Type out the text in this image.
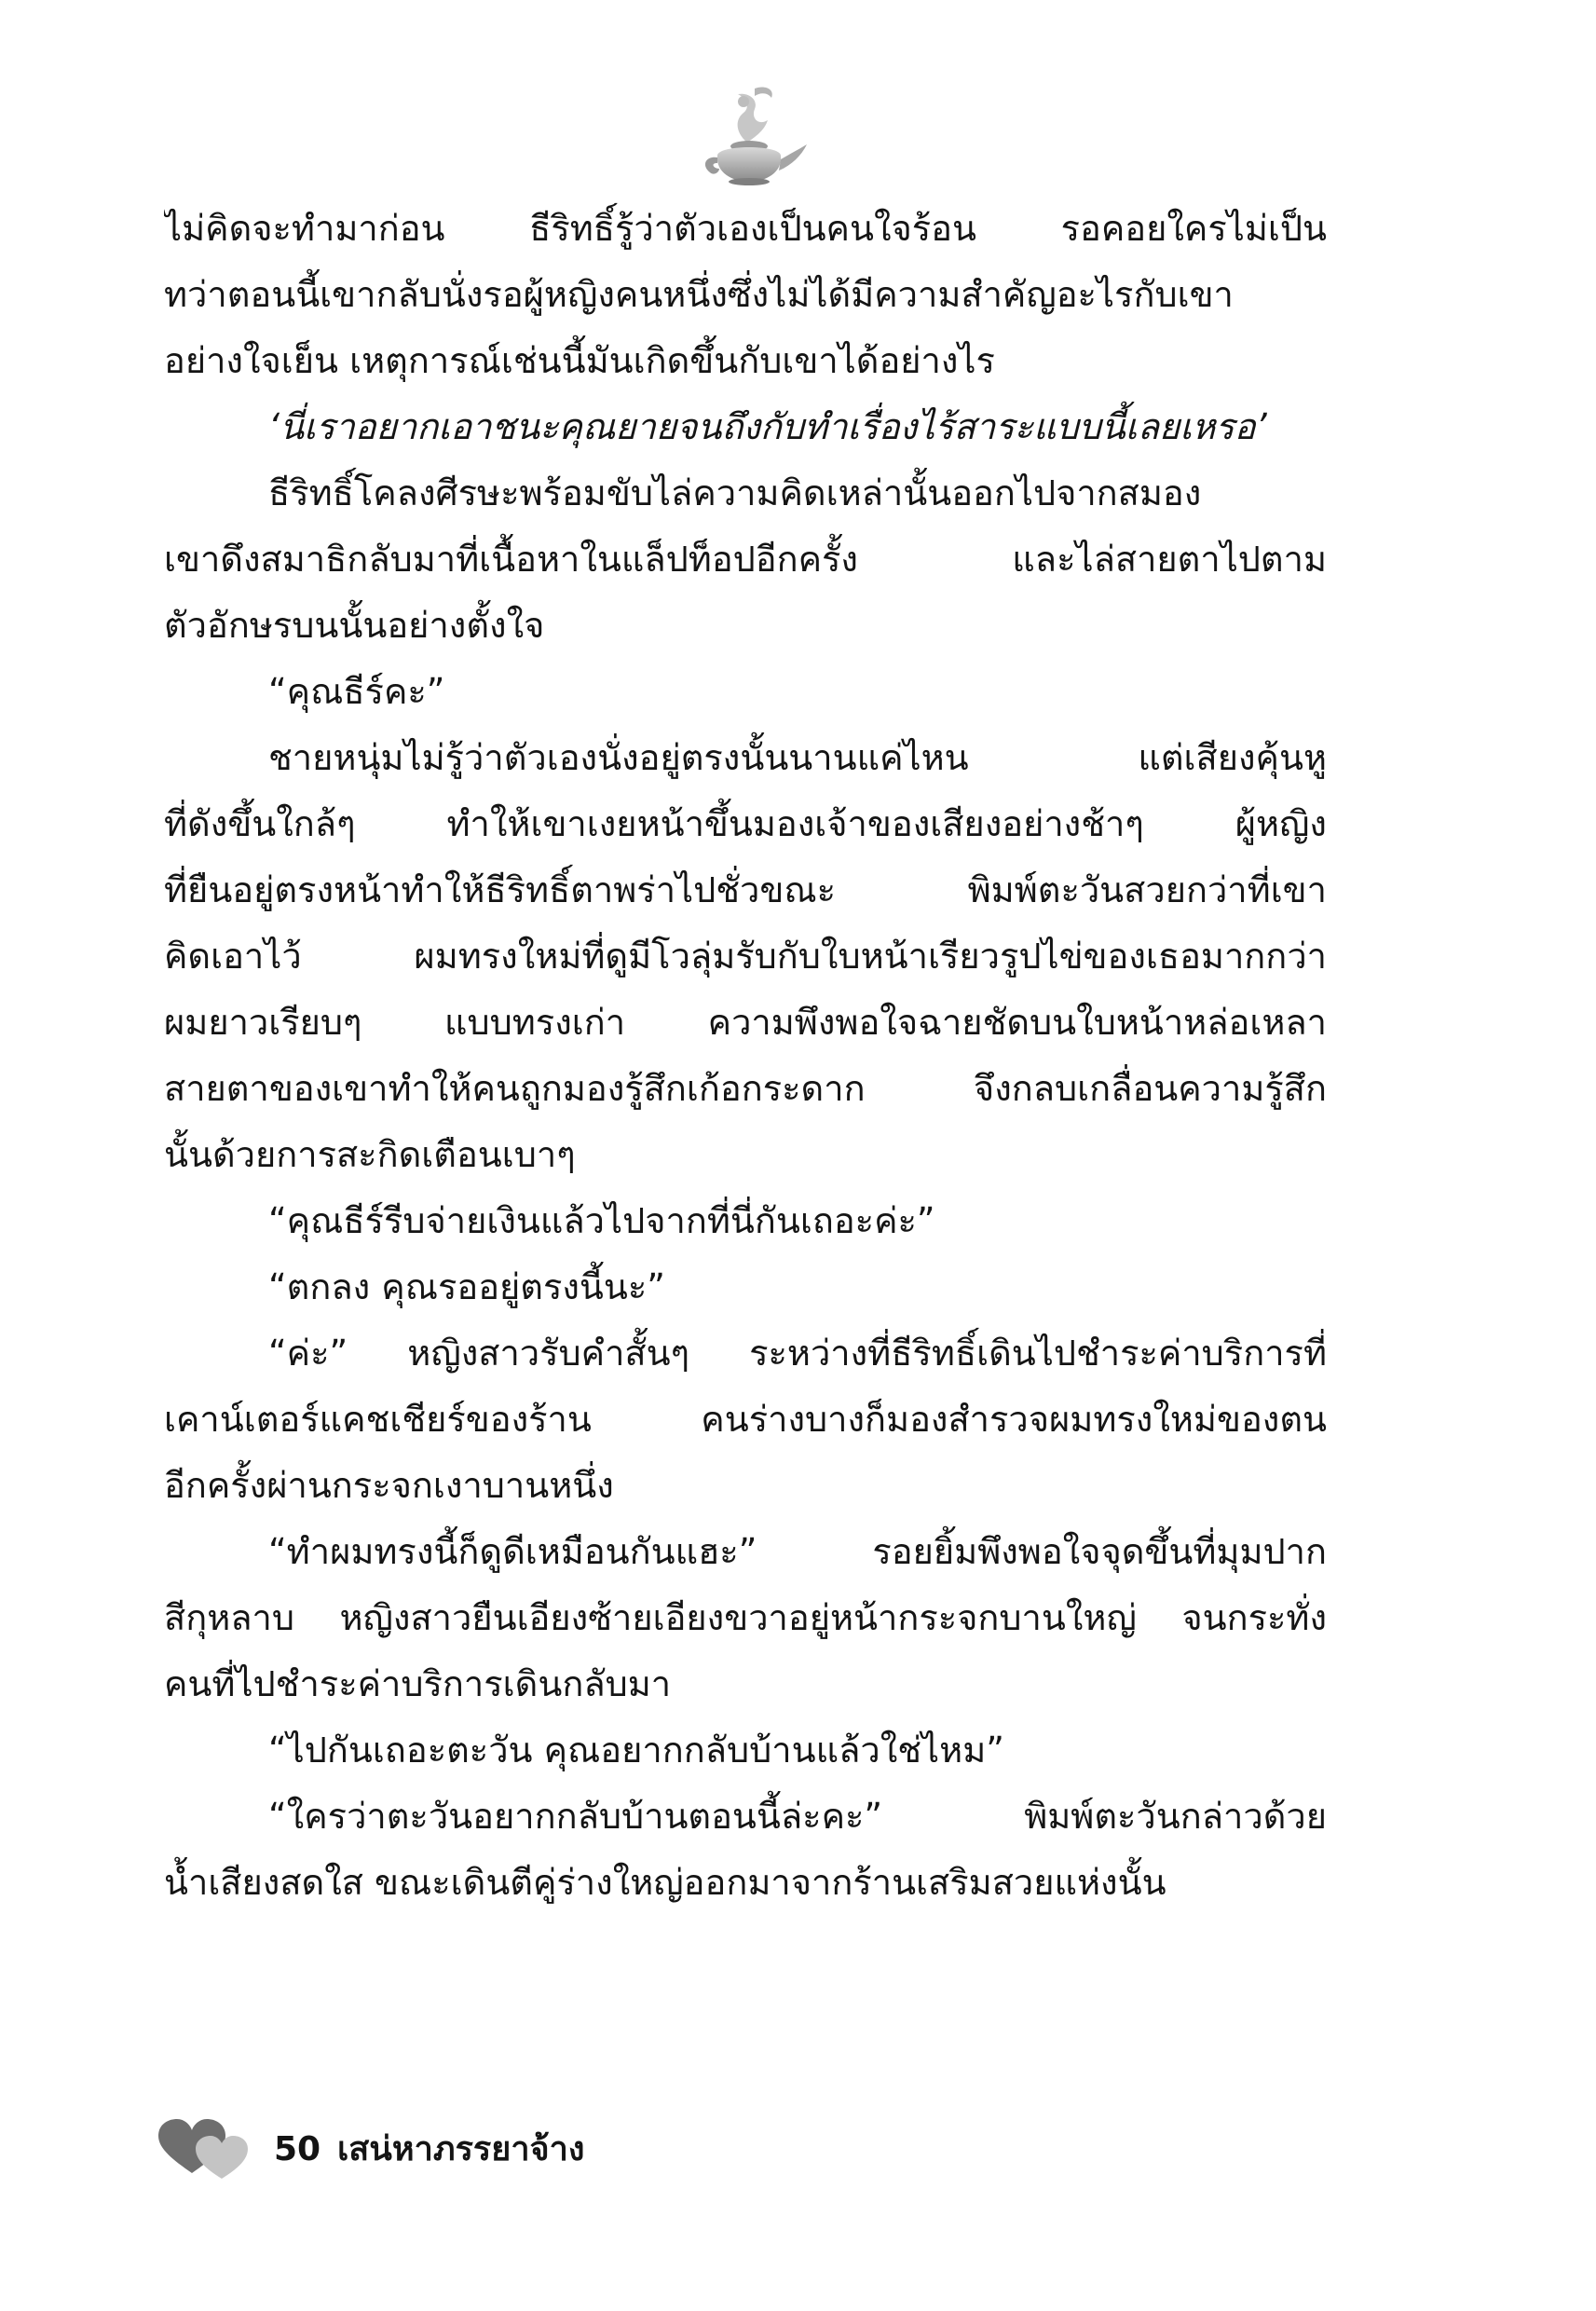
ไม่คิดจะทำมาก่อน ธีริทธิ์รู้ว่าตัวเองเป็นคนใจร้อน รอคอยใครไม่เป็น
ทว่าตอนนี้เขากลับนั่งรอผู้หญิงคนหนึ่งซึ่งไม่ได้มีความสำคัญอะไรกับเขา
อย่างใจเย็น เหตุการณ์เช่นนี้มันเกิดขึ้นกับเขาได้อย่างไร
‘นี่เราอยากเอาชนะคุณยายจนถึงกับทำเรื่องไร้สาระแบบนี้เลยเหรอ’
ธีริทธิ์โคลงศีรษะพร้อมขับไล่ความคิดเหล่านั้นออกไปจากสมอง
เขาดึงสมาธิกลับมาที่เนื้อหาในแล็ปท็อปอีกครั้ง และไล่สายตาไปตาม
ตัวอักษรบนนั้นอย่างตั้งใจ
“คุณธีร์คะ”
ชายหนุ่มไม่รู้ว่าตัวเองนั่งอยู่ตรงนั้นนานแค่ไหน แต่เสียงคุ้นหู
ที่ดังขึ้นใกล้ๆ ทำให้เขาเงยหน้าขึ้นมองเจ้าของเสียงอย่างช้าๆ ผู้หญิง
ที่ยืนอยู่ตรงหน้าทำให้ธีริทธิ์ตาพร่าไปชั่วขณะ พิมพ์ตะวันสวยกว่าที่เขา
คิดเอาไว้ ผมทรงใหม่ที่ดูมีโวลุ่มรับกับใบหน้าเรียวรูปไข่ของเธอมากกว่า
ผมยาวเรียบๆ แบบทรงเก่า ความพึงพอใจฉายชัดบนใบหน้าหล่อเหลา
สายตาของเขาทำให้คนถูกมองรู้สึกเก้อกระดาก จึงกลบเกลื่อนความรู้สึก
นั้นด้วยการสะกิดเตือนเบาๆ
“คุณธีร์รีบจ่ายเงินแล้วไปจากที่นี่กันเถอะค่ะ”
“ตกลง คุณรออยู่ตรงนี้นะ”
“ค่ะ” หญิงสาวรับคำสั้นๆ ระหว่างที่ธีริทธิ์เดินไปชำระค่าบริการที่
เคาน์เตอร์แคชเชียร์ของร้าน คนร่างบางก็มองสำรวจผมทรงใหม่ของตน
อีกครั้งผ่านกระจกเงาบานหนึ่ง
“ทำผมทรงนี้ก็ดูดีเหมือนกันแฮะ” รอยยิ้มพึงพอใจจุดขึ้นที่มุมปาก
สีกุหลาบ หญิงสาวยืนเอียงซ้ายเอียงขวาอยู่หน้ากระจกบานใหญ่ จนกระทั่ง
คนที่ไปชำระค่าบริการเดินกลับมา
“ไปกันเถอะตะวัน คุณอยากกลับบ้านแล้วใช่ไหม”
“ใครว่าตะวันอยากกลับบ้านตอนนี้ล่ะคะ” พิมพ์ตะวันกล่าวด้วย
น้ำเสียงสดใส ขณะเดินตีคู่ร่างใหญ่ออกมาจากร้านเสริมสวยแห่งนั้น
50 เสน่หาภรรยาจ้าง
